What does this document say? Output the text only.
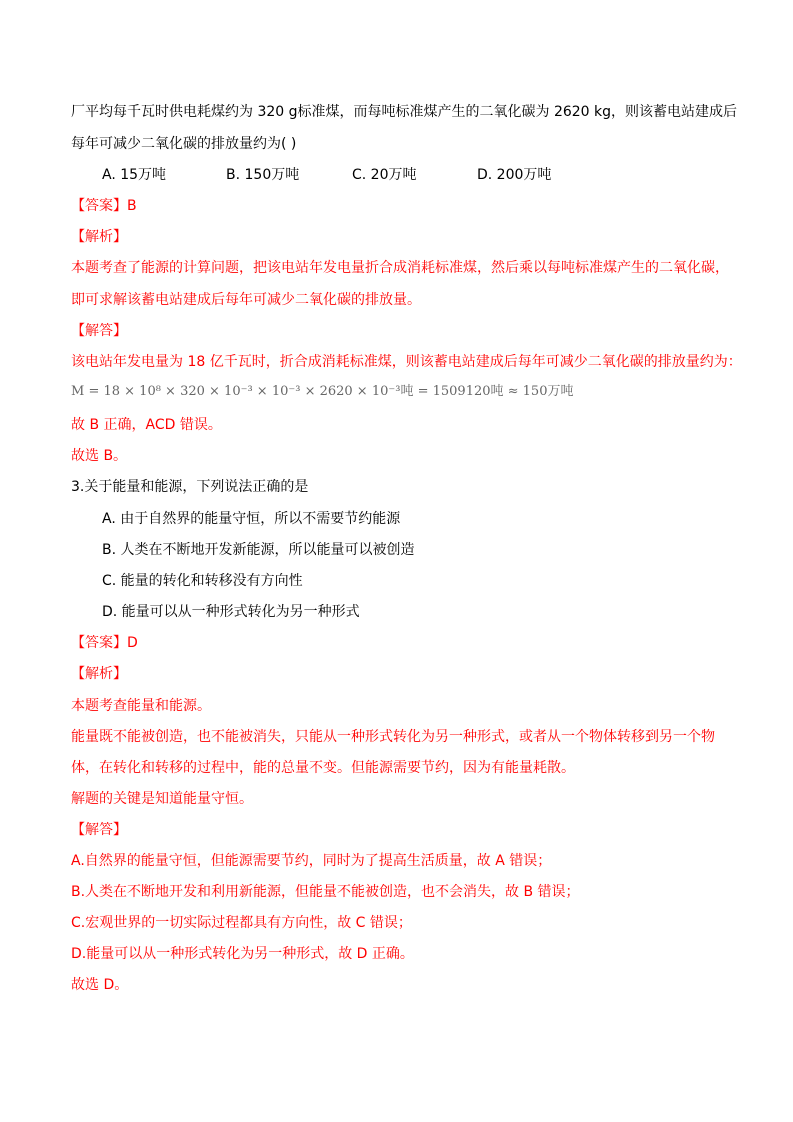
厂平均每千瓦时供电耗煤约为 320 g标准煤，而每吨标准煤产生的二氧化碳为 2620 kg，则该蓄电站建成后
每年可减少二氧化碳的排放量约为( )
A. 15万吨	B. 150万吨	C. 20万吨	D. 200万吨
【答案】B
【解析】
本题考查了能源的计算问题，把该电站年发电量折合成消耗标准煤，然后乘以每吨标准煤产生的二氧化碳，
即可求解该蓄电站建成后每年可减少二氧化碳的排放量。
【解答】
该电站年发电量为 18 亿千瓦时，折合成消耗标准煤，则该蓄电站建成后每年可减少二氧化碳的排放量约为：
M = 18 × 10⁸ × 320 × 10⁻³ × 10⁻³ × 2620 × 10⁻³吨 = 1509120吨 ≈ 150万吨
故 B 正确，ACD 错误。
故选 B。
3.关于能量和能源，下列说法正确的是
A. 由于自然界的能量守恒，所以不需要节约能源
B. 人类在不断地开发新能源，所以能量可以被创造
C. 能量的转化和转移没有方向性
D. 能量可以从一种形式转化为另一种形式
【答案】D
【解析】
本题考查能量和能源。
能量既不能被创造，也不能被消失，只能从一种形式转化为另一种形式，或者从一个物体转移到另一个物
体，在转化和转移的过程中，能的总量不变。但能源需要节约，因为有能量耗散。
解题的关键是知道能量守恒。
【解答】
A.自然界的能量守恒，但能源需要节约，同时为了提高生活质量，故 A 错误；
B.人类在不断地开发和利用新能源，但能量不能被创造，也不会消失，故 B 错误；
C.宏观世界的一切实际过程都具有方向性，故 C 错误；
D.能量可以从一种形式转化为另一种形式，故 D 正确。
故选 D。
